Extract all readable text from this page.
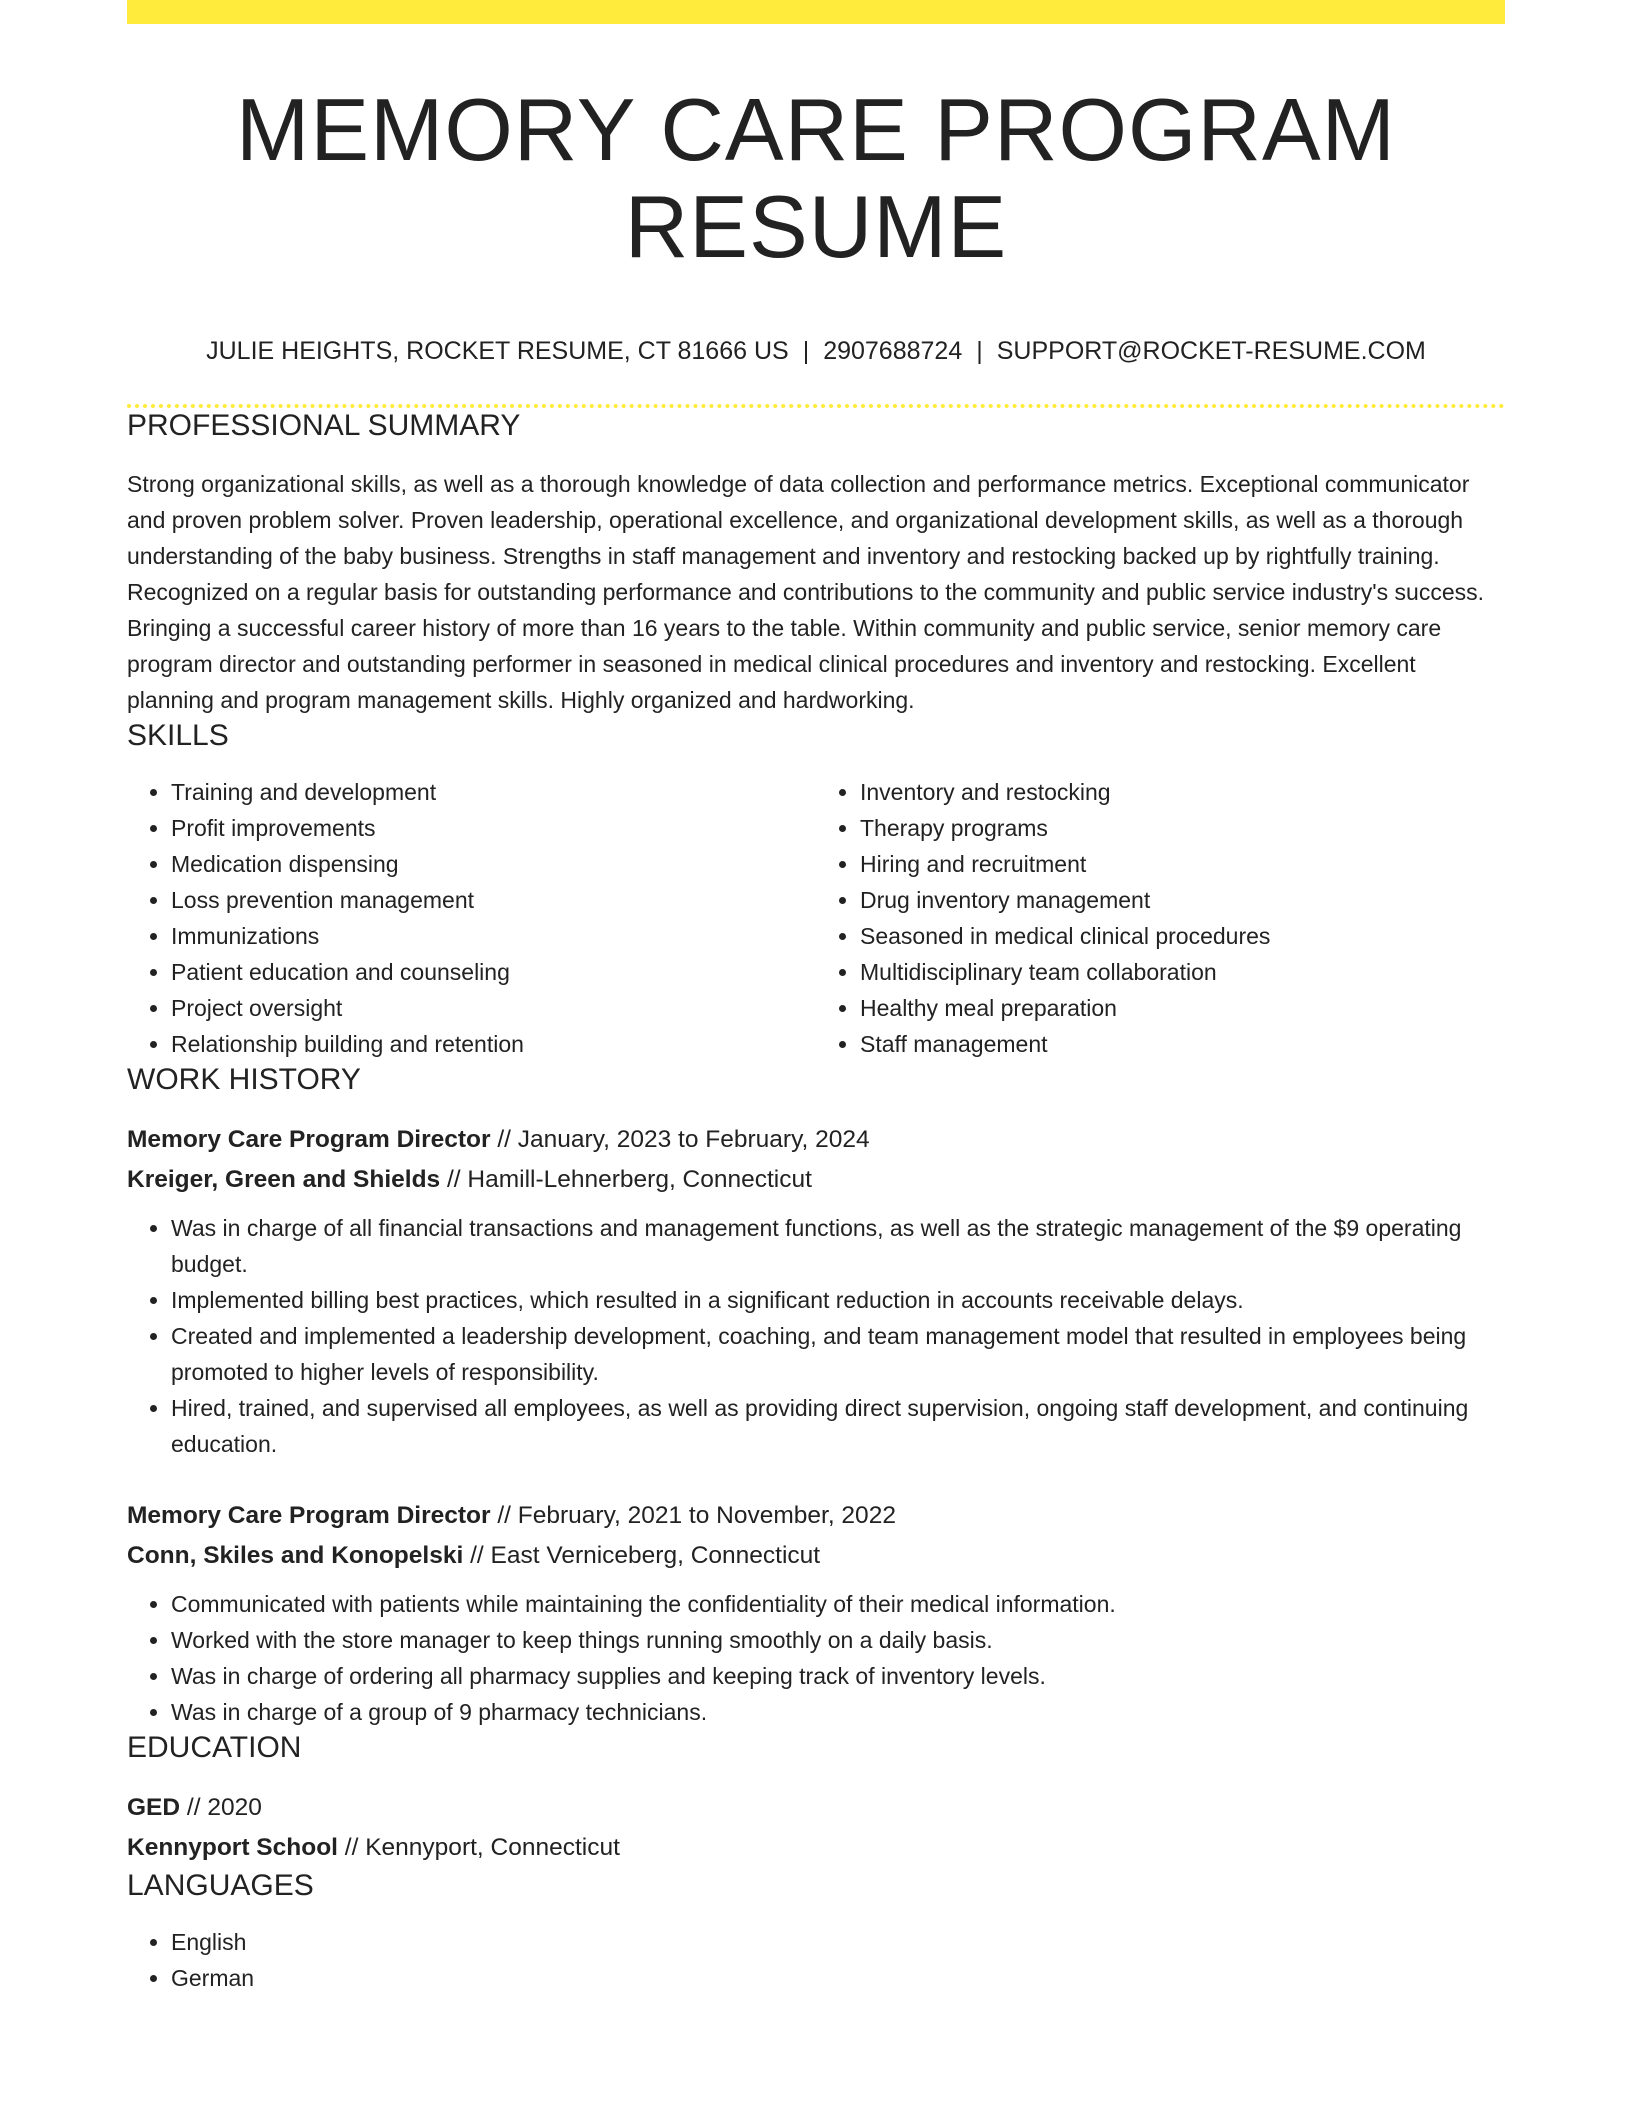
MEMORY CARE PROGRAM RESUME
JULIE HEIGHTS, ROCKET RESUME, CT 81666 US | 2907688724 | SUPPORT@ROCKET-RESUME.COM
PROFESSIONAL SUMMARY
Strong organizational skills, as well as a thorough knowledge of data collection and performance metrics. Exceptional communicator and proven problem solver. Proven leadership, operational excellence, and organizational development skills, as well as a thorough understanding of the baby business. Strengths in staff management and inventory and restocking backed up by rightfully training. Recognized on a regular basis for outstanding performance and contributions to the community and public service industry's success. Bringing a successful career history of more than 16 years to the table. Within community and public service, senior memory care program director and outstanding performer in seasoned in medical clinical procedures and inventory and restocking. Excellent planning and program management skills. Highly organized and hardworking.
SKILLS
• Training and development
• Profit improvements
• Medication dispensing
• Loss prevention management
• Immunizations
• Patient education and counseling
• Project oversight
• Relationship building and retention
• Inventory and restocking
• Therapy programs
• Hiring and recruitment
• Drug inventory management
• Seasoned in medical clinical procedures
• Multidisciplinary team collaboration
• Healthy meal preparation
• Staff management
WORK HISTORY
Memory Care Program Director // January, 2023 to February, 2024
Kreiger, Green and Shields // Hamill-Lehnerberg, Connecticut
• Was in charge of all financial transactions and management functions, as well as the strategic management of the $9 operating budget.
• Implemented billing best practices, which resulted in a significant reduction in accounts receivable delays.
• Created and implemented a leadership development, coaching, and team management model that resulted in employees being promoted to higher levels of responsibility.
• Hired, trained, and supervised all employees, as well as providing direct supervision, ongoing staff development, and continuing education.
Memory Care Program Director // February, 2021 to November, 2022
Conn, Skiles and Konopelski // East Verniceberg, Connecticut
• Communicated with patients while maintaining the confidentiality of their medical information.
• Worked with the store manager to keep things running smoothly on a daily basis.
• Was in charge of ordering all pharmacy supplies and keeping track of inventory levels.
• Was in charge of a group of 9 pharmacy technicians.
EDUCATION
GED // 2020
Kennyport School // Kennyport, Connecticut
LANGUAGES
• English
• German
